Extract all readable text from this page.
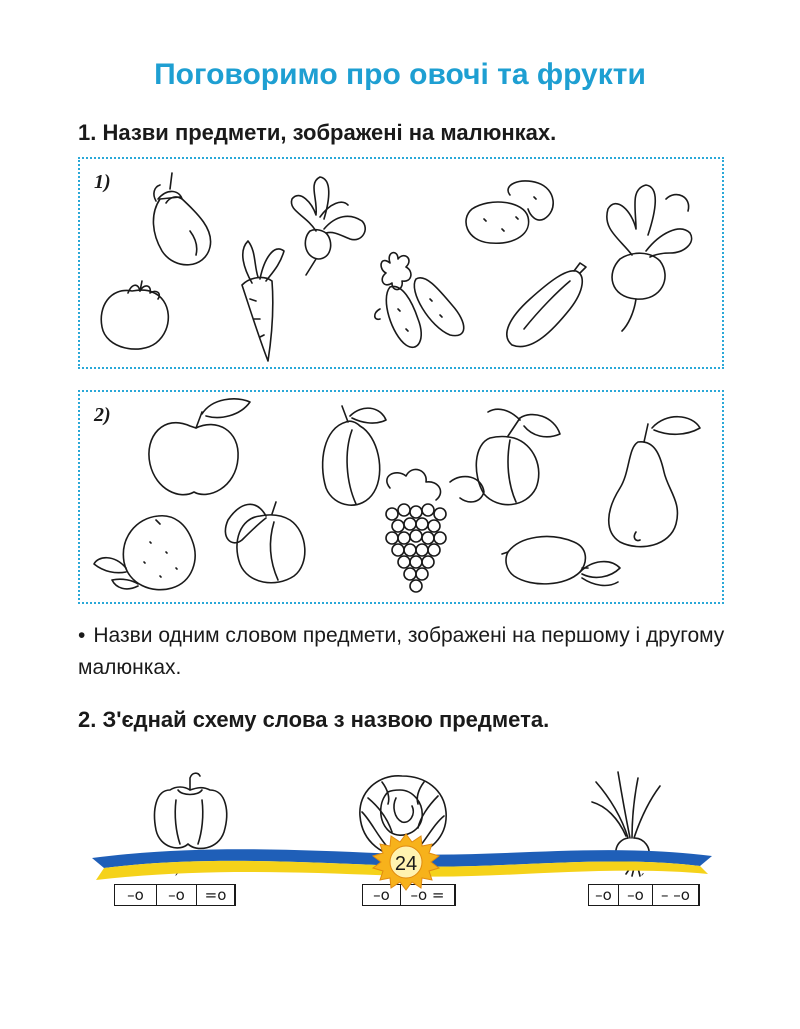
Поговоримо про овочі та фрукти
1. Назви предмети, зображені на малюнках.
1)
2)
• Назви одним словом предмети, зображені на першому і другому малюнках.
2. З'єднай схему слова з назвою предмета.
–о	–о	=о
ˊ
–о	–о =	–о	–о	– –о
ˊ
24
